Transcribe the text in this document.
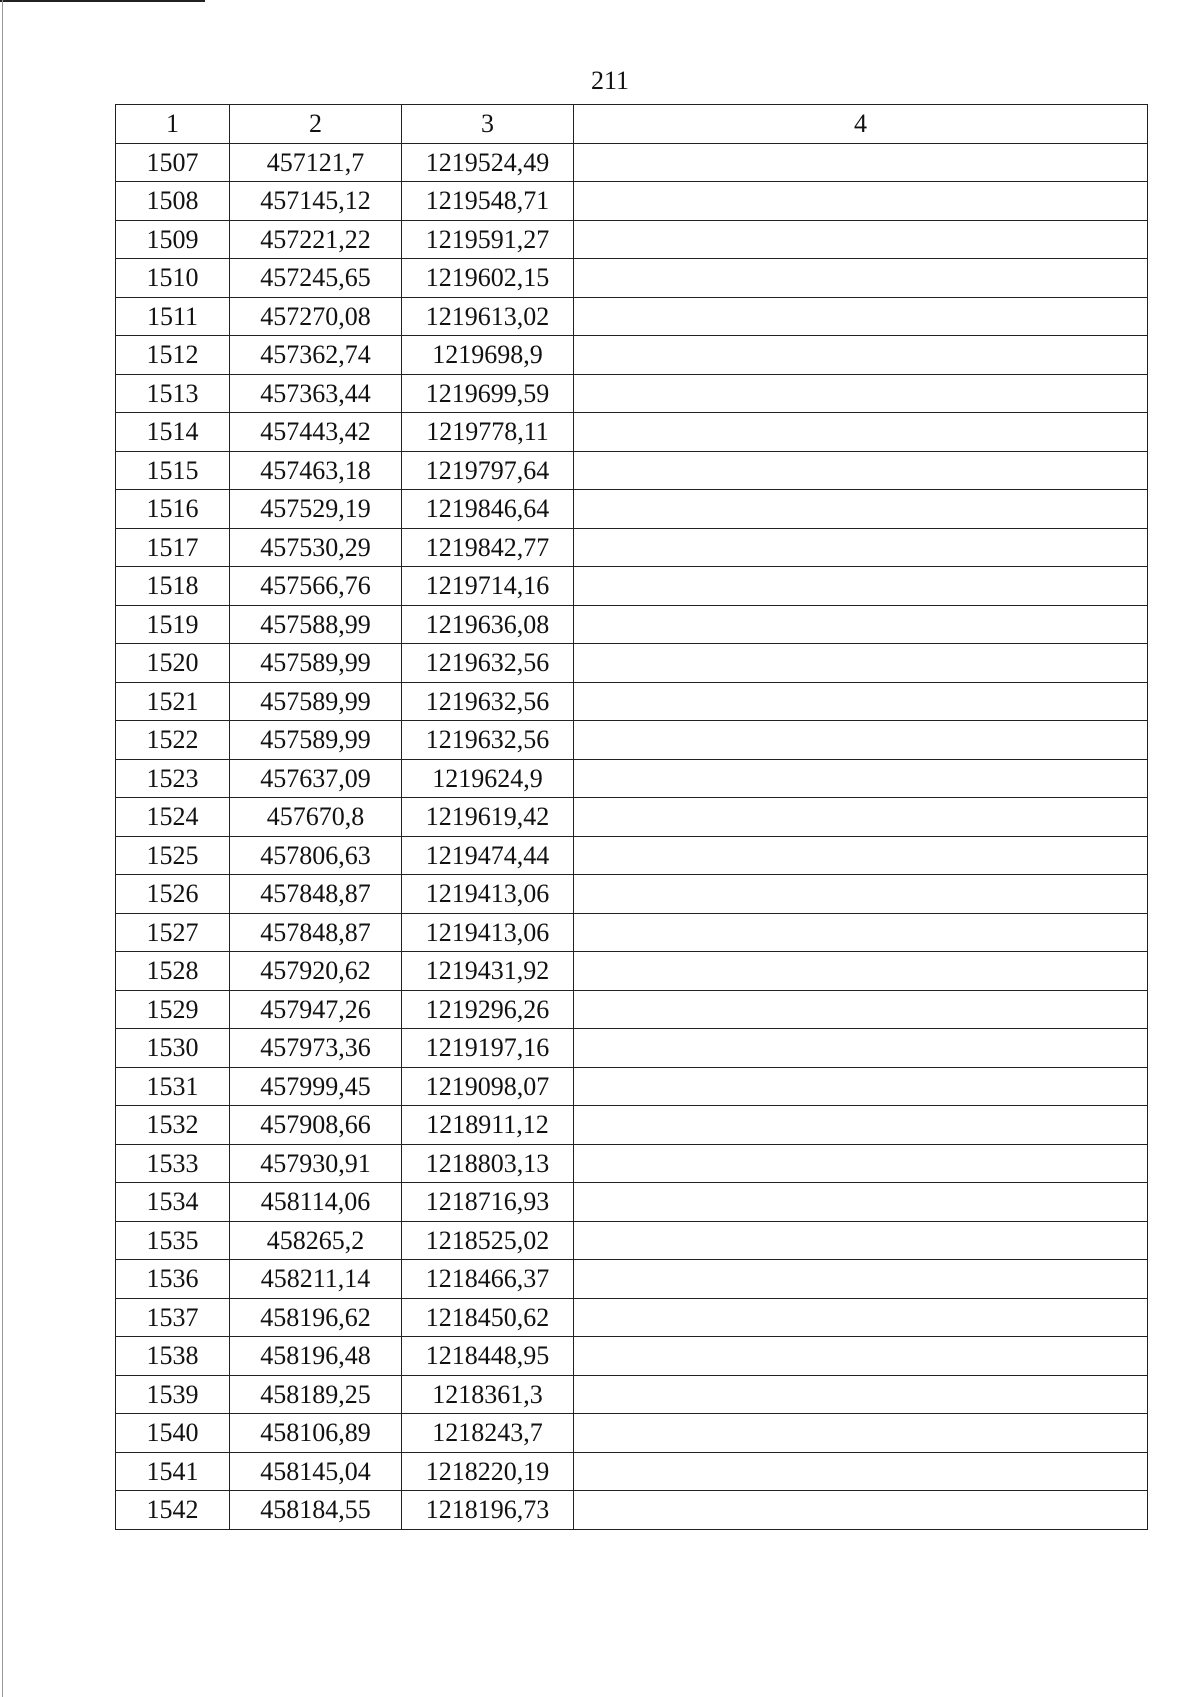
211
1	2	3	4
1507	457121,7	1219524,49	
1508	457145,12	1219548,71	
1509	457221,22	1219591,27	
1510	457245,65	1219602,15	
1511	457270,08	1219613,02	
1512	457362,74	1219698,9	
1513	457363,44	1219699,59	
1514	457443,42	1219778,11	
1515	457463,18	1219797,64	
1516	457529,19	1219846,64	
1517	457530,29	1219842,77	
1518	457566,76	1219714,16	
1519	457588,99	1219636,08	
1520	457589,99	1219632,56	
1521	457589,99	1219632,56	
1522	457589,99	1219632,56	
1523	457637,09	1219624,9	
1524	457670,8	1219619,42	
1525	457806,63	1219474,44	
1526	457848,87	1219413,06	
1527	457848,87	1219413,06	
1528	457920,62	1219431,92	
1529	457947,26	1219296,26	
1530	457973,36	1219197,16	
1531	457999,45	1219098,07	
1532	457908,66	1218911,12	
1533	457930,91	1218803,13	
1534	458114,06	1218716,93	
1535	458265,2	1218525,02	
1536	458211,14	1218466,37	
1537	458196,62	1218450,62	
1538	458196,48	1218448,95	
1539	458189,25	1218361,3	
1540	458106,89	1218243,7	
1541	458145,04	1218220,19	
1542	458184,55	1218196,73	
